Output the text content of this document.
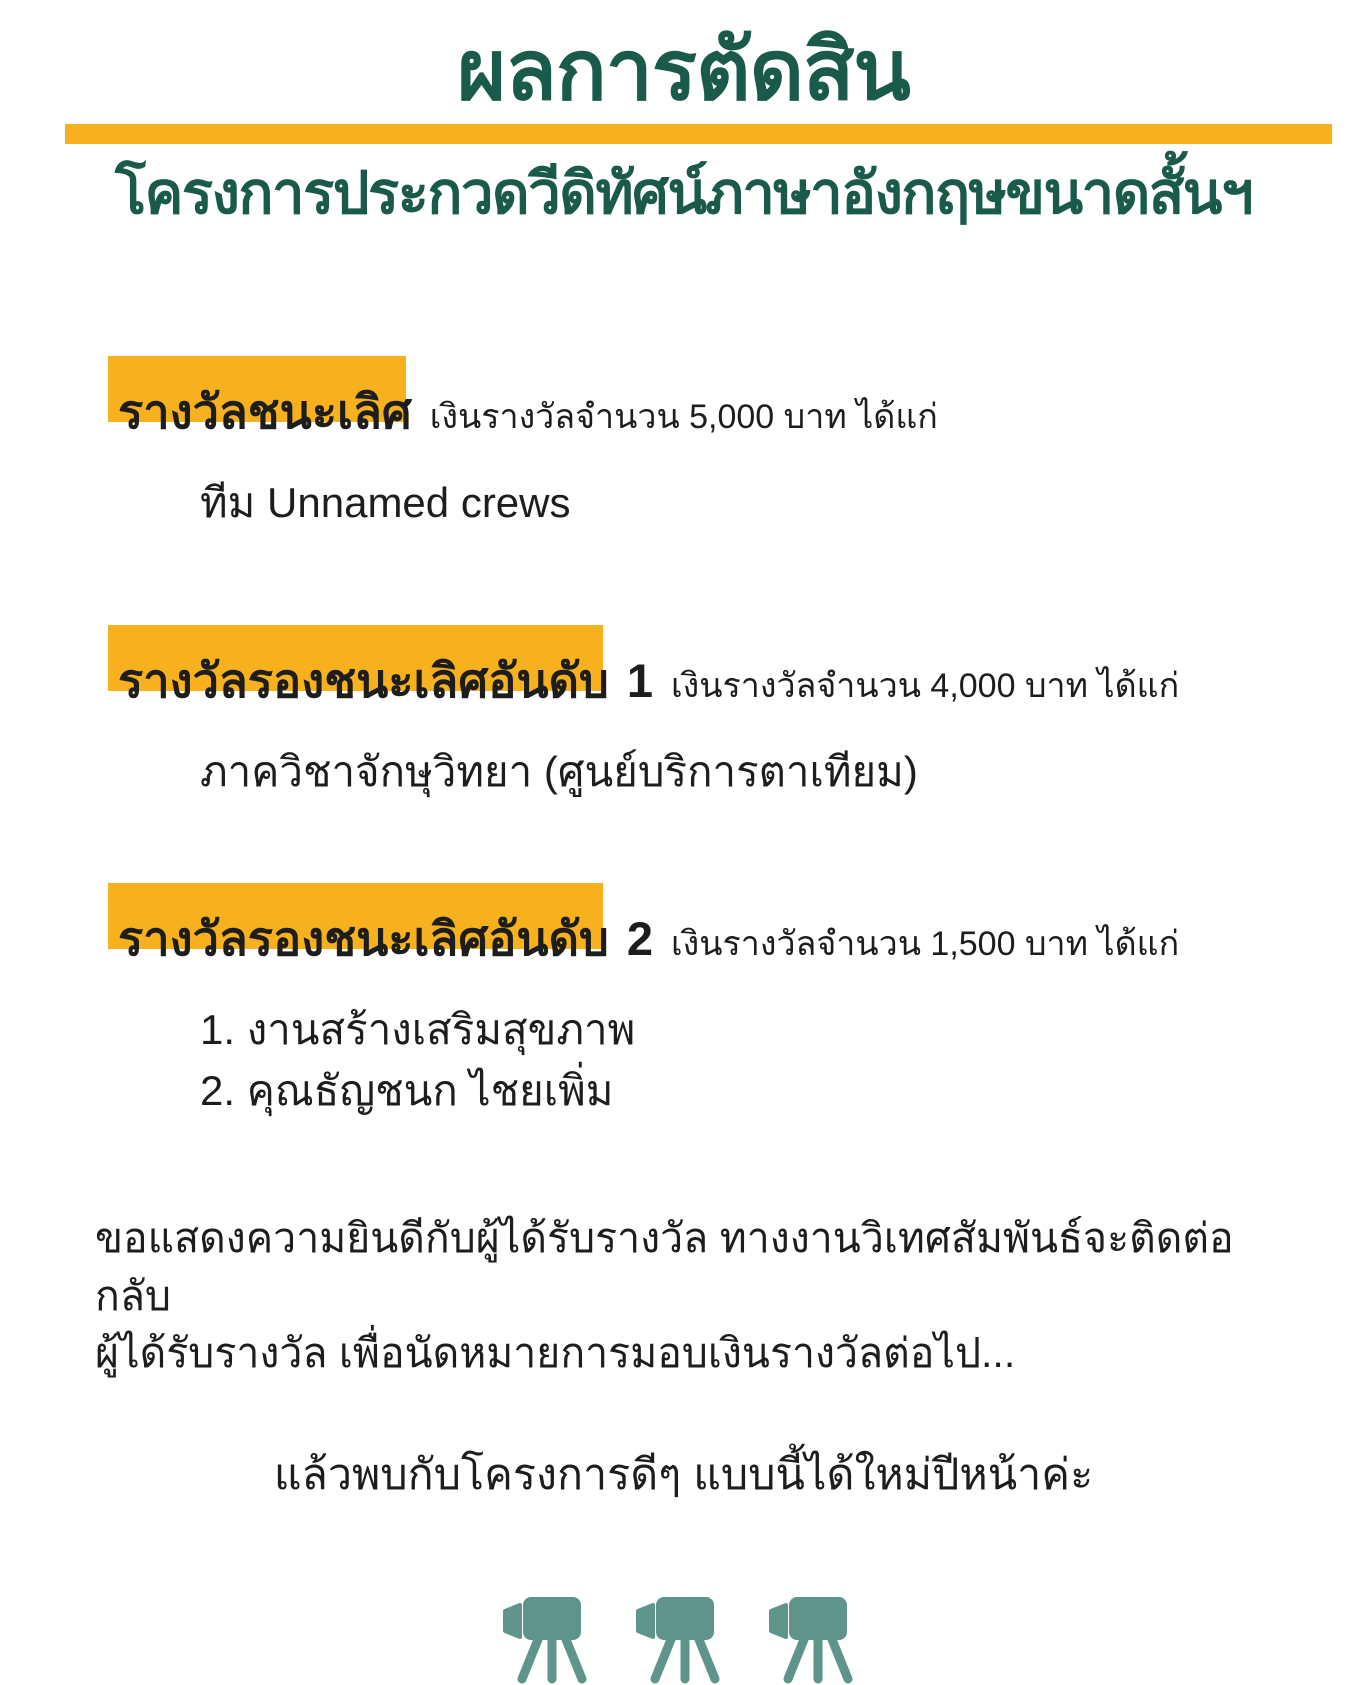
ผลการตัดสิน
โครงการประกวดวีดิทัศน์ภาษาอังกฤษขนาดสั้นฯ
รางวัลชนะเลิศ เงินรางวัลจำนวน 5,000 บาท ได้แก่
ทีม Unnamed crews
รางวัลรองชนะเลิศอันดับ 1 เงินรางวัลจำนวน 4,000 บาท ได้แก่
ภาควิชาจักษุวิทยา (ศูนย์บริการตาเทียม)
รางวัลรองชนะเลิศอันดับ 2 เงินรางวัลจำนวน 1,500 บาท ได้แก่
1. งานสร้างเสริมสุขภาพ
2. คุณธัญชนก ไชยเพิ่ม
ขอแสดงความยินดีกับผู้ได้รับรางวัล ทางงานวิเทศสัมพันธ์จะติดต่อกลับ
ผู้ได้รับรางวัล เพื่อนัดหมายการมอบเงินรางวัลต่อไป...
แล้วพบกับโครงการดีๆ แบบนี้ได้ใหม่ปีหน้าค่ะ
